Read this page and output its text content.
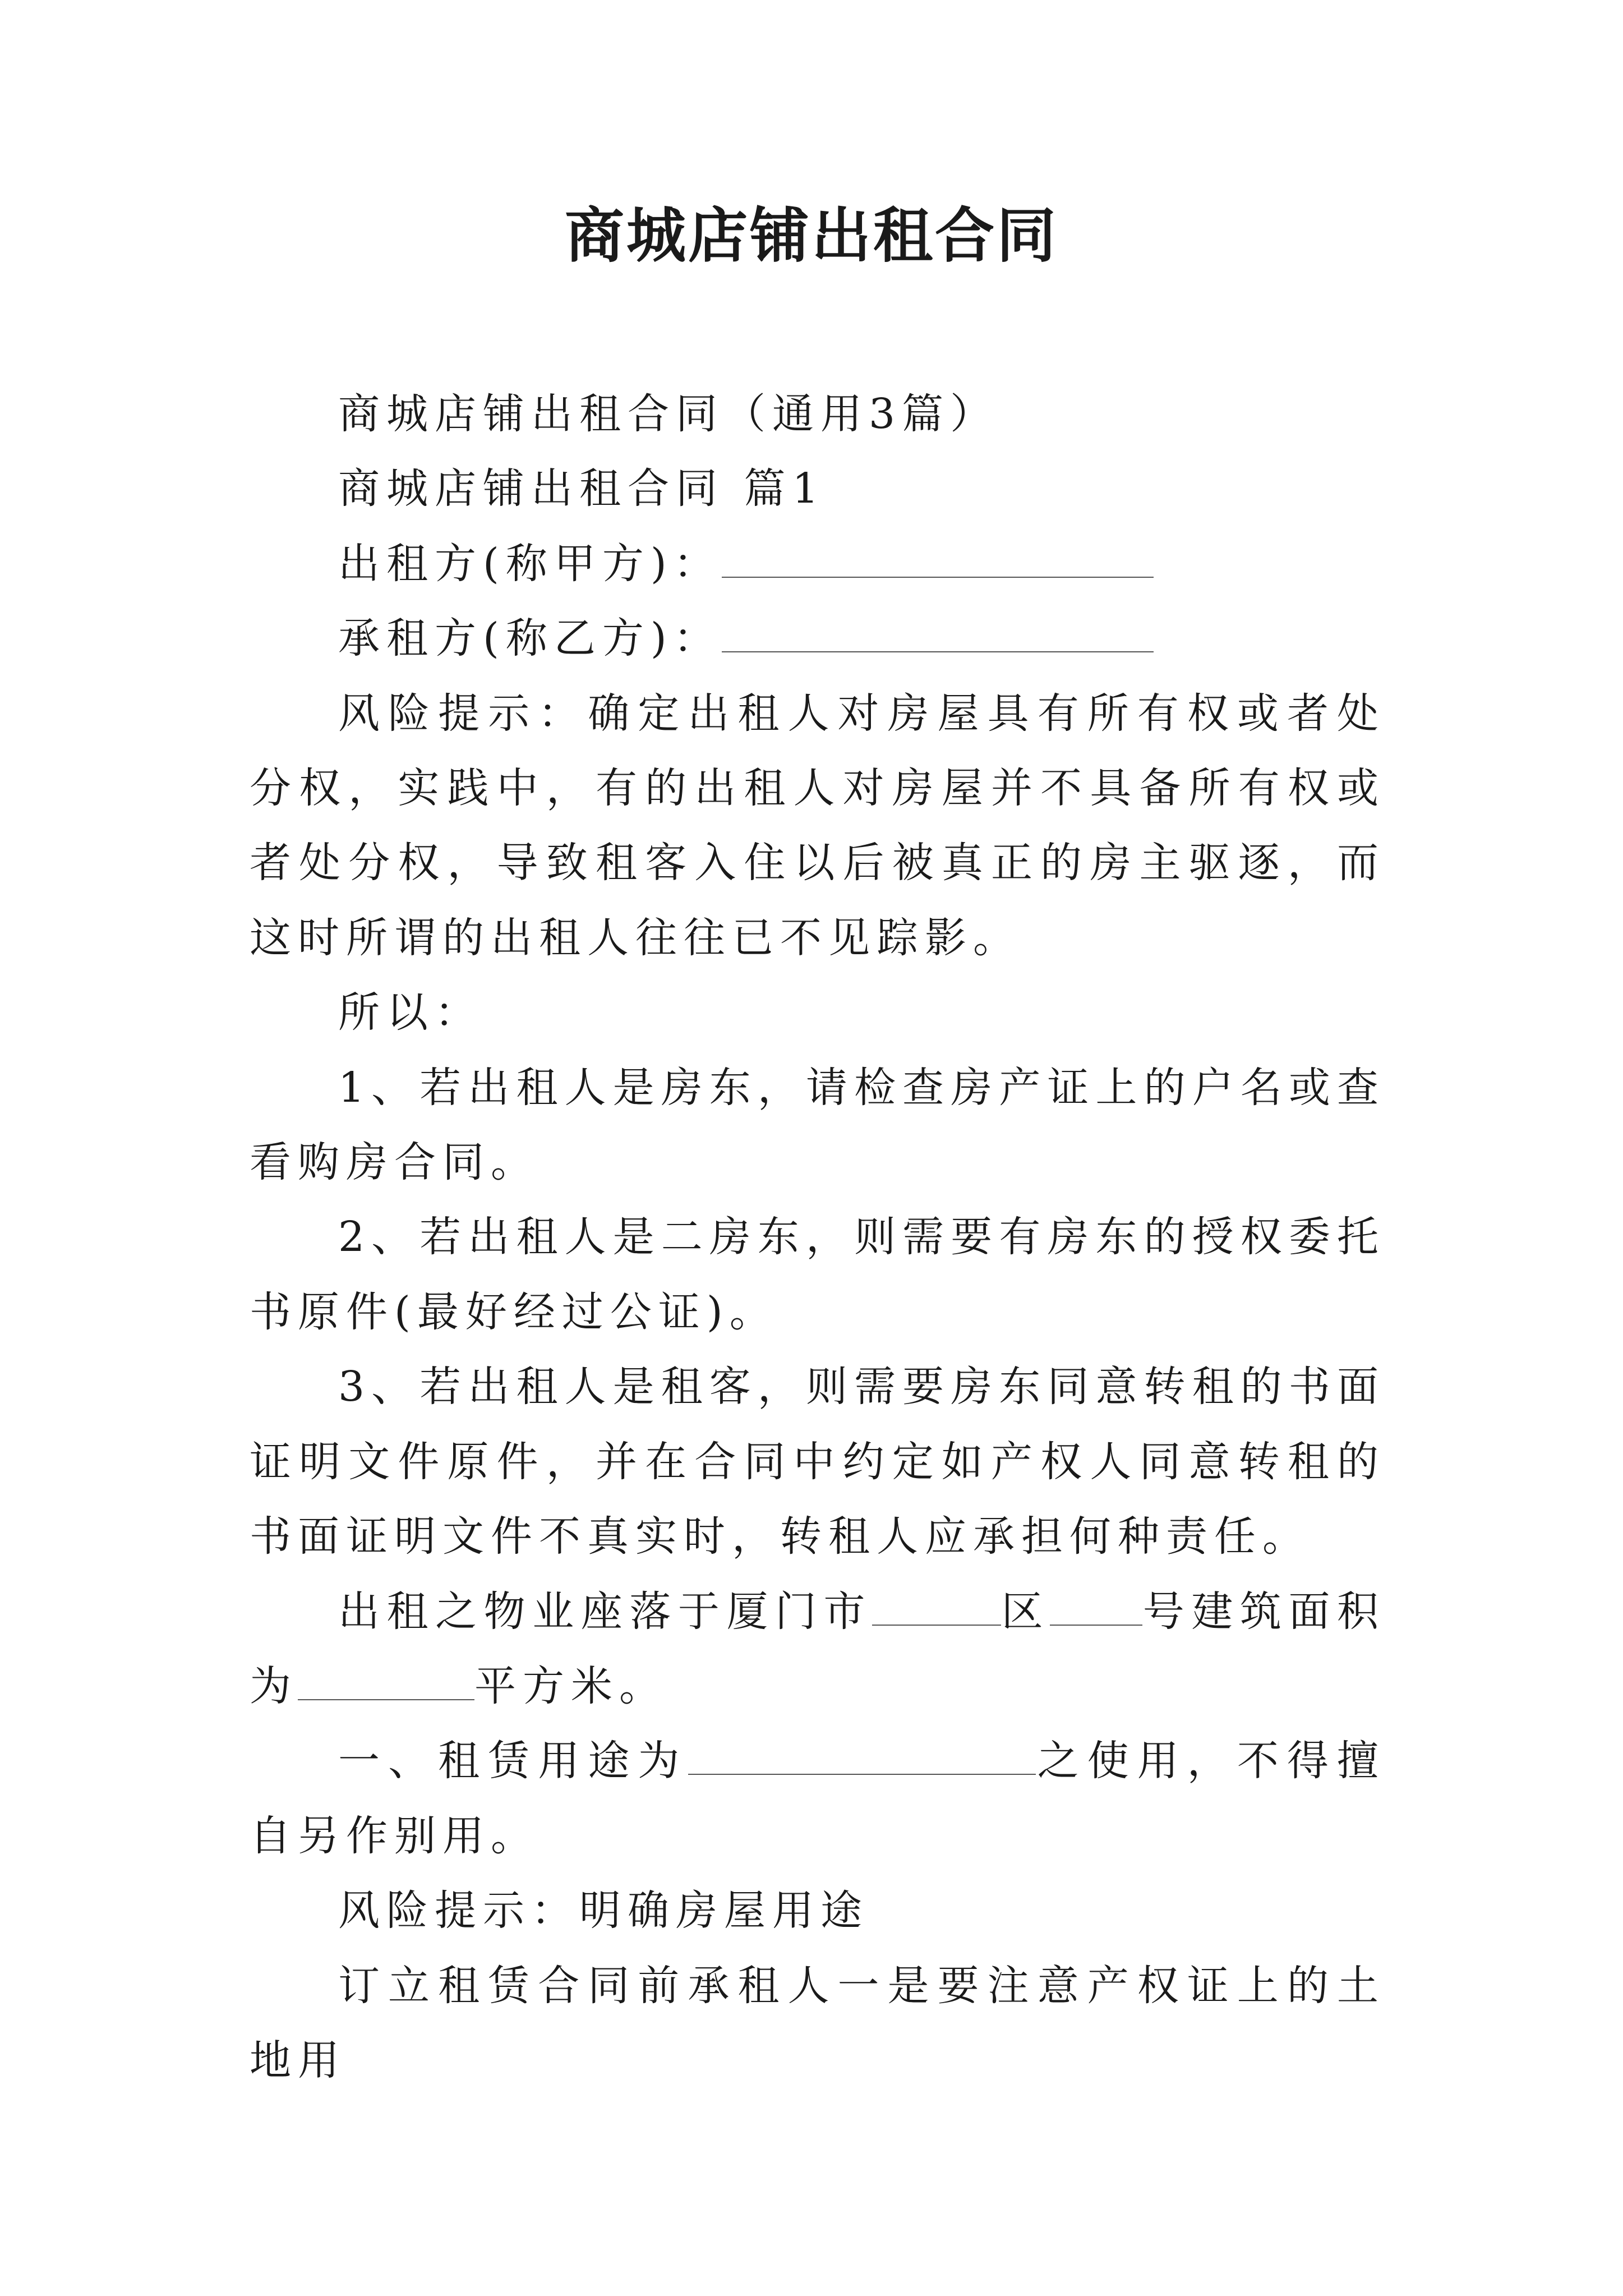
商城店铺出租合同

商城店铺出租合同（通用3篇）

商城店铺出租合同 篇1

出租方(称甲方)：

承租方(称乙方)：

风险提示：确定出租人对房屋具有所有权或者处分权，实践中，有的出租人对房屋并不具备所有权或者处分权，导致租客入住以后被真正的房主驱逐，而这时所谓的出租人往往已不见踪影。

所以：

1、若出租人是房东，请检查房产证上的户名或查看购房合同。

2、若出租人是二房东，则需要有房东的授权委托书原件(最好经过公证)。

3、若出租人是租客，则需要房东同意转租的书面证明文件原件，并在合同中约定如产权人同意转租的书面证明文件不真实时，转租人应承担何种责任。

出租之物业座落于厦门市	区 号建筑面积为	平方米。

一、租赁用途为	之使用，不得擅自另作别用。

风险提示：明确房屋用途

订立租赁合同前承租人一是要注意产权证上的土地用
